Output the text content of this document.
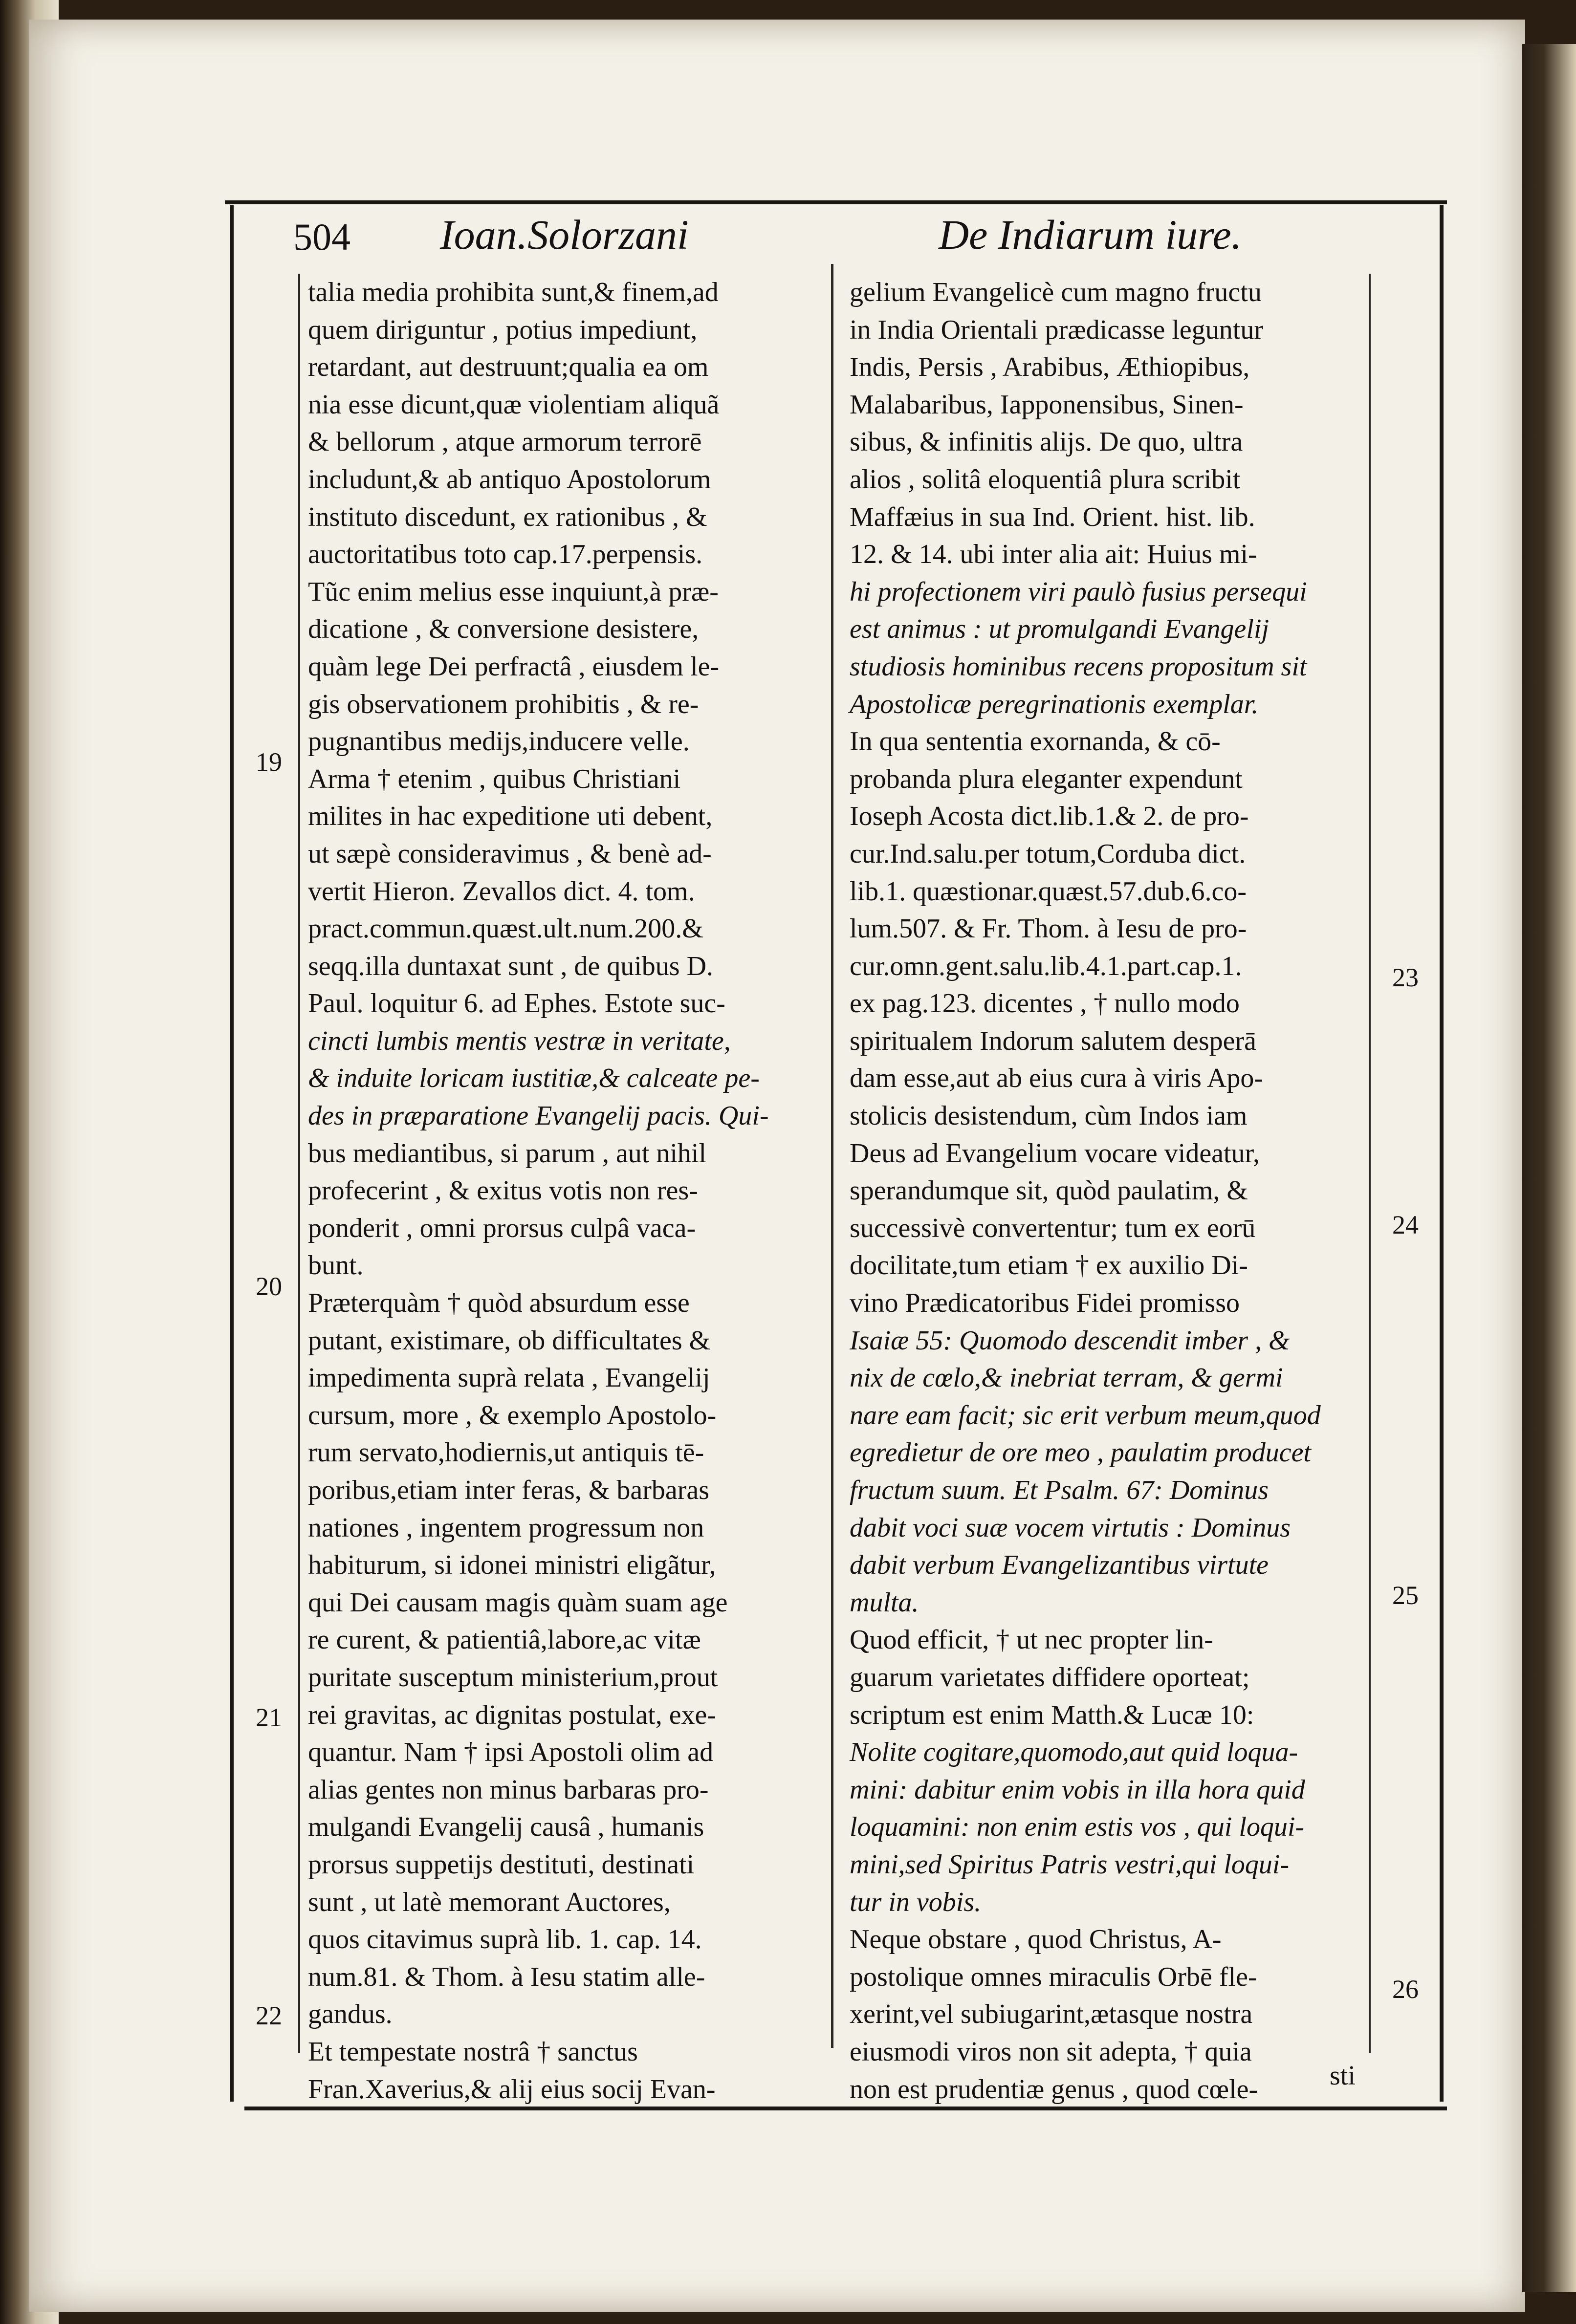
504 Ioan.Solorzani	De Indiarum iure.
talia media prohibita sunt,& finem,ad
quem diriguntur , potius impediunt,
retardant, aut destruunt;qualia ea om
nia esse dicunt,quæ violentiam aliquã
& bellorum , atque armorum terrorē
includunt,& ab antiquo Apostolorum
instituto discedunt, ex rationibus , &
auctoritatibus toto cap.17.perpensis.
Tũc enim melius esse inquiunt,à præ-
dicatione , & conversione desistere,
quàm lege Dei perfractâ , eiusdem le-
gis observationem prohibitis , & re-
pugnantibus medijs,inducere velle.
Arma † etenim , quibus Christiani
milites in hac expeditione uti debent,
ut sæpè consideravimus , & benè ad-
vertit Hieron. Zevallos dict. 4. tom.
pract.commun.quæst.ult.num.200.&
seqq.illa duntaxat sunt , de quibus D.
Paul. loquitur 6. ad Ephes. Estote suc-
cincti lumbis mentis vestræ in veritate,
& induite loricam iustitiæ,& calceate pe-
des in præparatione Evangelij pacis. Qui-
bus mediantibus, si parum , aut nihil
profecerint , & exitus votis non res-
ponderit , omni prorsus culpâ vaca-
bunt.
Præterquàm † quòd absurdum esse
putant, existimare, ob difficultates &
impedimenta suprà relata , Evangelij
cursum, more , & exemplo Apostolo-
rum servato,hodiernis,ut antiquis tē-
poribus,etiam inter feras, & barbaras
nationes , ingentem progressum non
habiturum, si idonei ministri eligãtur,
qui Dei causam magis quàm suam age
re curent, & patientiâ,labore,ac vitæ
puritate susceptum ministerium,prout
rei gravitas, ac dignitas postulat, exe-
quantur. Nam † ipsi Apostoli olim ad
alias gentes non minus barbaras pro-
mulgandi Evangelij causâ , humanis
prorsus suppetijs destituti, destinati
sunt , ut latè memorant Auctores,
quos citavimus suprà lib. 1. cap. 14.
num.81. & Thom. à Iesu statim alle-
gandus.
Et tempestate nostrâ † sanctus
Fran.Xaverius,& alij eius socij Evan-
gelium Evangelicè cum magno fructu
in India Orientali prædicasse leguntur
Indis, Persis , Arabibus, Æthiopibus,
Malabaribus, Iapponensibus, Sinen-
sibus, & infinitis alijs. De quo, ultra
alios , solitâ eloquentiâ plura scribit
Maffæius in sua Ind. Orient. hist. lib.
12. & 14. ubi inter alia ait: Huius mi-
hi profectionem viri paulò fusius persequi
est animus : ut promulgandi Evangelij
studiosis hominibus recens propositum sit
Apostolicæ peregrinationis exemplar.
In qua sententia exornanda, & cō-
probanda plura eleganter expendunt
Ioseph Acosta dict.lib.1.& 2. de pro-
cur.Ind.salu.per totum,Corduba dict.
lib.1. quæstionar.quæst.57.dub.6.co-
lum.507. & Fr. Thom. à Iesu de pro-
cur.omn.gent.salu.lib.4.1.part.cap.1.
ex pag.123. dicentes , † nullo modo
spiritualem Indorum salutem desperā
dam esse,aut ab eius cura à viris Apo-
stolicis desistendum, cùm Indos iam
Deus ad Evangelium vocare videatur,
sperandumque sit, quòd paulatim, &
successivè convertentur; tum ex eorū
docilitate,tum etiam † ex auxilio Di-
vino Prædicatoribus Fidei promisso
Isaiæ 55: Quomodo descendit imber , &
nix de cœlo,& inebriat terram, & germi
nare eam facit; sic erit verbum meum,quod
egredietur de ore meo , paulatim producet
fructum suum. Et Psalm. 67: Dominus
dabit voci suæ vocem virtutis : Dominus
dabit verbum Evangelizantibus virtute
multa.
Quod efficit, † ut nec propter lin-
guarum varietates diffidere oporteat;
scriptum est enim Matth.& Lucæ 10:
Nolite cogitare,quomodo,aut quid loqua-
mini: dabitur enim vobis in illa hora quid
loquamini: non enim estis vos , qui loqui-
mini,sed Spiritus Patris vestri,qui loqui-
tur in vobis.
Neque obstare , quod Christus, A-
postolique omnes miraculis Orbē fle-
xerint,vel subiugarint,ætasque nostra
eiusmodi viros non sit adepta, † quia
non est prudentiæ genus , quod cœle-
19
20
21
22
23
24
25
26
sti
